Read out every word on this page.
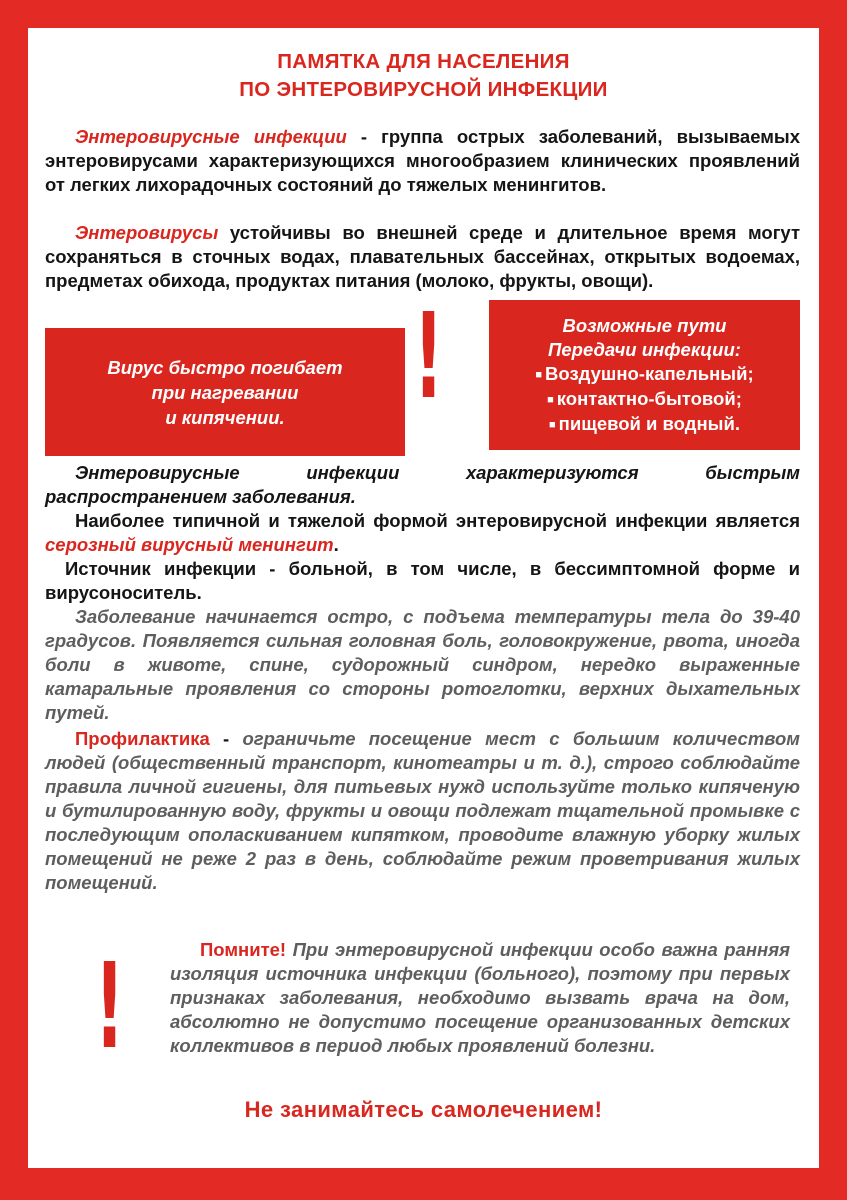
ПАМЯТКА ДЛЯ НАСЕЛЕНИЯ
ПО ЭНТЕРОВИРУСНОЙ ИНФЕКЦИИ

Энтеровирусные инфекции - группа острых заболеваний, вызываемых энтеровирусами характеризующихся многообразием клинических проявлений от легких лихорадочных состояний до тяжелых менингитов.

Энтеровирусы устойчивы во внешней среде и длительное время могут сохраняться в сточных водах, плавательных бассейнах, открытых водоемах, предметах обихода, продуктах питания (молоко, фрукты, овощи).

Вирус быстро погибает
при нагревании
и кипячении.	!	Возможные пути
Передачи инфекции:
■ Воздушно-капельный;
■ контактно-бытовой;
■ пищевой и водный.

Энтеровирусные инфекции характеризуются быстрым распространением заболевания.

Наиболее типичной и тяжелой формой энтеровирусной инфекции является серозный вирусный менингит.

Источник инфекции - больной, в том числе, в бессимптомной форме и вирусоноситель.

Заболевание начинается остро, с подъема температуры тела до 39-40 градусов. Появляется сильная головная боль, головокружение, рвота, иногда боли в животе, спине, судорожный синдром, нередко выраженные катаральные проявления со стороны ротоглотки, верхних дыхательных путей.

Профилактика - ограничьте посещение мест с большим количеством людей (общественный транспорт, кинотеатры и т. д.), строго соблюдайте правила личной гигиены, для питьевых нужд используйте только кипяченую и бутилированную воду, фрукты и овощи подлежат тщательной промывке с последующим ополаскиванием кипятком, проводите влажную уборку жилых помещений не реже 2 раз в день, соблюдайте режим проветривания жилых помещений.

!	Помните! При энтеровирусной инфекции особо важна ранняя изоляция источника инфекции (больного), поэтому при первых признаках заболевания, необходимо вызвать врача на дом, абсолютно не допустимо посещение организованных детских коллективов в период любых проявлений болезни.

Не занимайтесь самолечением!
